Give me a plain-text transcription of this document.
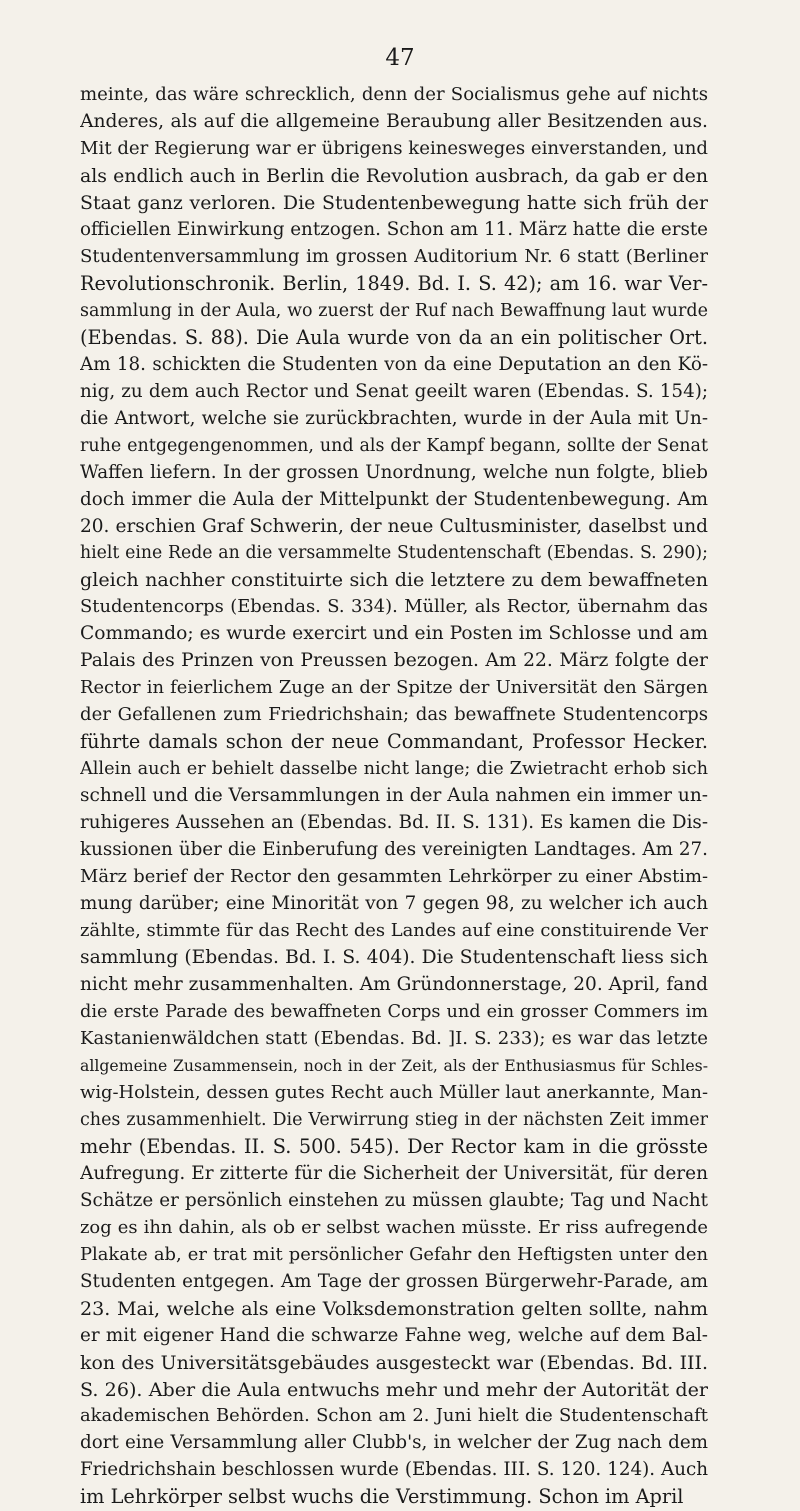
47
meinte, das wäre schrecklich, denn der Socialismus gehe auf nichts
Anderes, als auf die allgemeine Beraubung aller Besitzenden aus.
Mit der Regierung war er übrigens keinesweges einverstanden, und
als endlich auch in Berlin die Revolution ausbrach, da gab er den
Staat ganz verloren. Die Studentenbewegung hatte sich früh der
officiellen Einwirkung entzogen. Schon am 11. März hatte die erste
Studentenversammlung im grossen Auditorium Nr. 6 statt (Berliner
Revolutionschronik. Berlin, 1849. Bd. I. S. 42); am 16. war Ver-
sammlung in der Aula, wo zuerst der Ruf nach Bewaffnung laut wurde
(Ebendas. S. 88). Die Aula wurde von da an ein politischer Ort.
Am 18. schickten die Studenten von da eine Deputation an den Kö-
nig, zu dem auch Rector und Senat geeilt waren (Ebendas. S. 154);
die Antwort, welche sie zurückbrachten, wurde in der Aula mit Un-
ruhe entgegengenommen, und als der Kampf begann, sollte der Senat
Waffen liefern. In der grossen Unordnung, welche nun folgte, blieb
doch immer die Aula der Mittelpunkt der Studentenbewegung. Am
20. erschien Graf Schwerin, der neue Cultusminister, daselbst und
hielt eine Rede an die versammelte Studentenschaft (Ebendas. S. 290);
gleich nachher constituirte sich die letztere zu dem bewaffneten
Studentencorps (Ebendas. S. 334). Müller, als Rector, übernahm das
Commando; es wurde exercirt und ein Posten im Schlosse und am
Palais des Prinzen von Preussen bezogen. Am 22. März folgte der
Rector in feierlichem Zuge an der Spitze der Universität den Särgen
der Gefallenen zum Friedrichshain; das bewaffnete Studentencorps
führte damals schon der neue Commandant, Professor Hecker.
Allein auch er behielt dasselbe nicht lange; die Zwietracht erhob sich
schnell und die Versammlungen in der Aula nahmen ein immer un-
ruhigeres Aussehen an (Ebendas. Bd. II. S. 131). Es kamen die Dis-
kussionen über die Einberufung des vereinigten Landtages. Am 27.
März berief der Rector den gesammten Lehrkörper zu einer Abstim-
mung darüber; eine Minorität von 7 gegen 98, zu welcher ich auch
zählte, stimmte für das Recht des Landes auf eine constituirende Ver
sammlung (Ebendas. Bd. I. S. 404). Die Studentenschaft liess sich
nicht mehr zusammenhalten. Am Gründonnerstage, 20. April, fand
die erste Parade des bewaffneten Corps und ein grosser Commers im
Kastanienwäldchen statt (Ebendas. Bd. ]I. S. 233); es war das letzte
allgemeine Zusammensein, noch in der Zeit, als der Enthusiasmus für Schles-
wig-Holstein, dessen gutes Recht auch Müller laut anerkannte, Man-
ches zusammenhielt. Die Verwirrung stieg in der nächsten Zeit immer
mehr (Ebendas. II. S. 500. 545). Der Rector kam in die grösste
Aufregung. Er zitterte für die Sicherheit der Universität, für deren
Schätze er persönlich einstehen zu müssen glaubte; Tag und Nacht
zog es ihn dahin, als ob er selbst wachen müsste. Er riss aufregende
Plakate ab, er trat mit persönlicher Gefahr den Heftigsten unter den
Studenten entgegen. Am Tage der grossen Bürgerwehr-Parade, am
23. Mai, welche als eine Volksdemonstration gelten sollte, nahm
er mit eigener Hand die schwarze Fahne weg, welche auf dem Bal-
kon des Universitätsgebäudes ausgesteckt war (Ebendas. Bd. III.
S. 26). Aber die Aula entwuchs mehr und mehr der Autorität der
akademischen Behörden. Schon am 2. Juni hielt die Studentenschaft
dort eine Versammlung aller Clubb's, in welcher der Zug nach dem
Friedrichshain beschlossen wurde (Ebendas. III. S. 120. 124). Auch
im Lehrkörper selbst wuchs die Verstimmung. Schon im April
